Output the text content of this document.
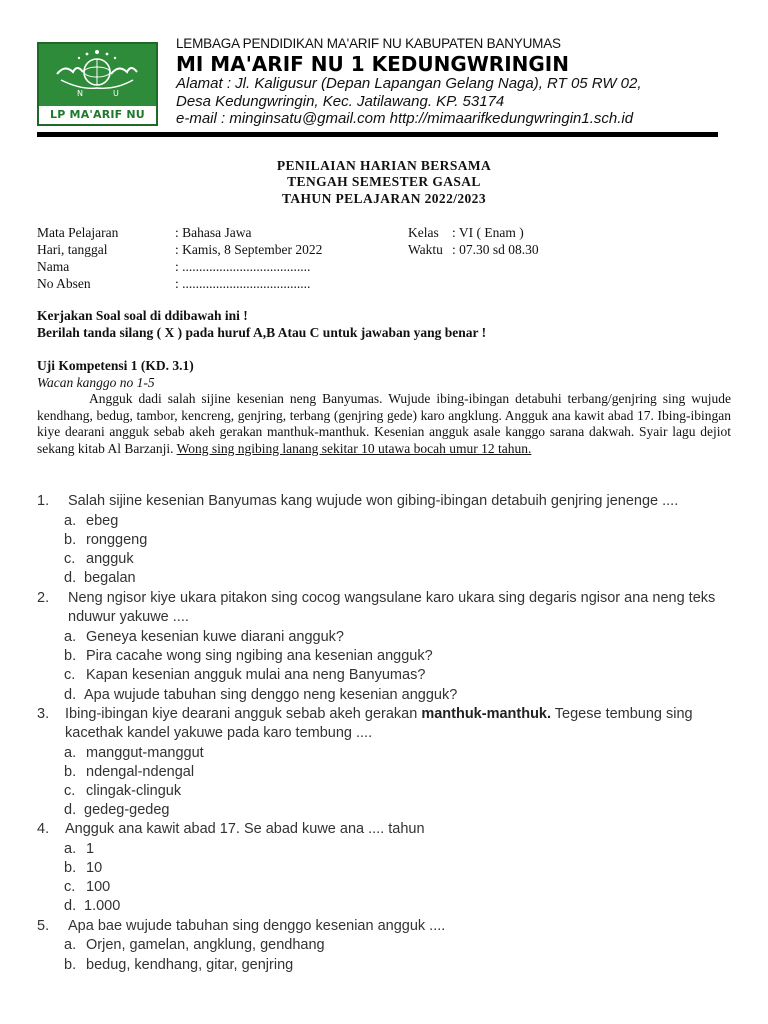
N	U
LP MA'ARIF NU
LEMBAGA PENDIDIKAN MA'ARIF NU KABUPATEN BANYUMAS
MI MA'ARIF NU 1 KEDUNGWRINGIN
Alamat : Jl. Kaligusur (Depan Lapangan Gelang Naga), RT 05 RW 02,
Desa Kedungwringin, Kec. Jatilawang. KP. 53174
e-mail : minginsatu@gmail.com http://mimaarifkedungwringin1.sch.id
PENILAIAN HARIAN BERSAMA
TENGAH SEMESTER GASAL
TAHUN PELAJARAN 2022/2023
Mata Pelajaran	: Bahasa Jawa	Kelas : VI ( Enam )
Hari, tanggal	: Kamis, 8 September 2022	Waktu : 07.30 sd 08.30
Nama	: ......................................
No Absen	: ......................................
Kerjakan Soal soal di ddibawah ini !
Berilah tanda silang ( X ) pada huruf A,B Atau C untuk jawaban yang benar !
Uji Kompetensi 1 (KD. 3.1)
Wacan kanggo no 1-5
Angguk dadi salah sijine kesenian neng Banyumas. Wujude ibing-ibingan detabuhi terbang/genjring sing wujude kendhang, bedug, tambor, kencreng, genjring, terbang (genjring gede) karo angklung. Angguk ana kawit abad 17. Ibing-ibingan kiye dearani angguk sebab akeh gerakan manthuk-manthuk. Kesenian angguk asale kanggo sarana dakwah. Syair lagu dejiot sekang kitab Al Barzanji. Wong sing ngibing lanang sekitar 10 utawa bocah umur 12 tahun.
1. Salah sijine kesenian Banyumas kang wujude won gibing-ibingan detabuih genjring jenenge ....
a. ebeg
b. ronggeng
c. angguk
d. begalan
2. Neng ngisor kiye ukara pitakon sing cocog wangsulane karo ukara sing degaris ngisor ana neng teks nduwur yakuwe ....
a. Geneya kesenian kuwe diarani angguk?
b. Pira cacahe wong sing ngibing ana kesenian angguk?
c. Kapan kesenian angguk mulai ana neng Banyumas?
d. Apa wujude tabuhan sing denggo neng kesenian angguk?
3. Ibing-ibingan kiye dearani angguk sebab akeh gerakan manthuk-manthuk. Tegese tembung sing kacethak kandel yakuwe pada karo tembung ....
a. manggut-manggut
b. ndengal-ndengal
c. clingak-clinguk
d. gedeg-gedeg
4. Angguk ana kawit abad 17. Se abad kuwe ana .... tahun
a. 1
b. 10
c. 100
d. 1.000
5. Apa bae wujude tabuhan sing denggo kesenian angguk ....
a. Orjen, gamelan, angklung, gendhang
b. bedug, kendhang, gitar, genjring
